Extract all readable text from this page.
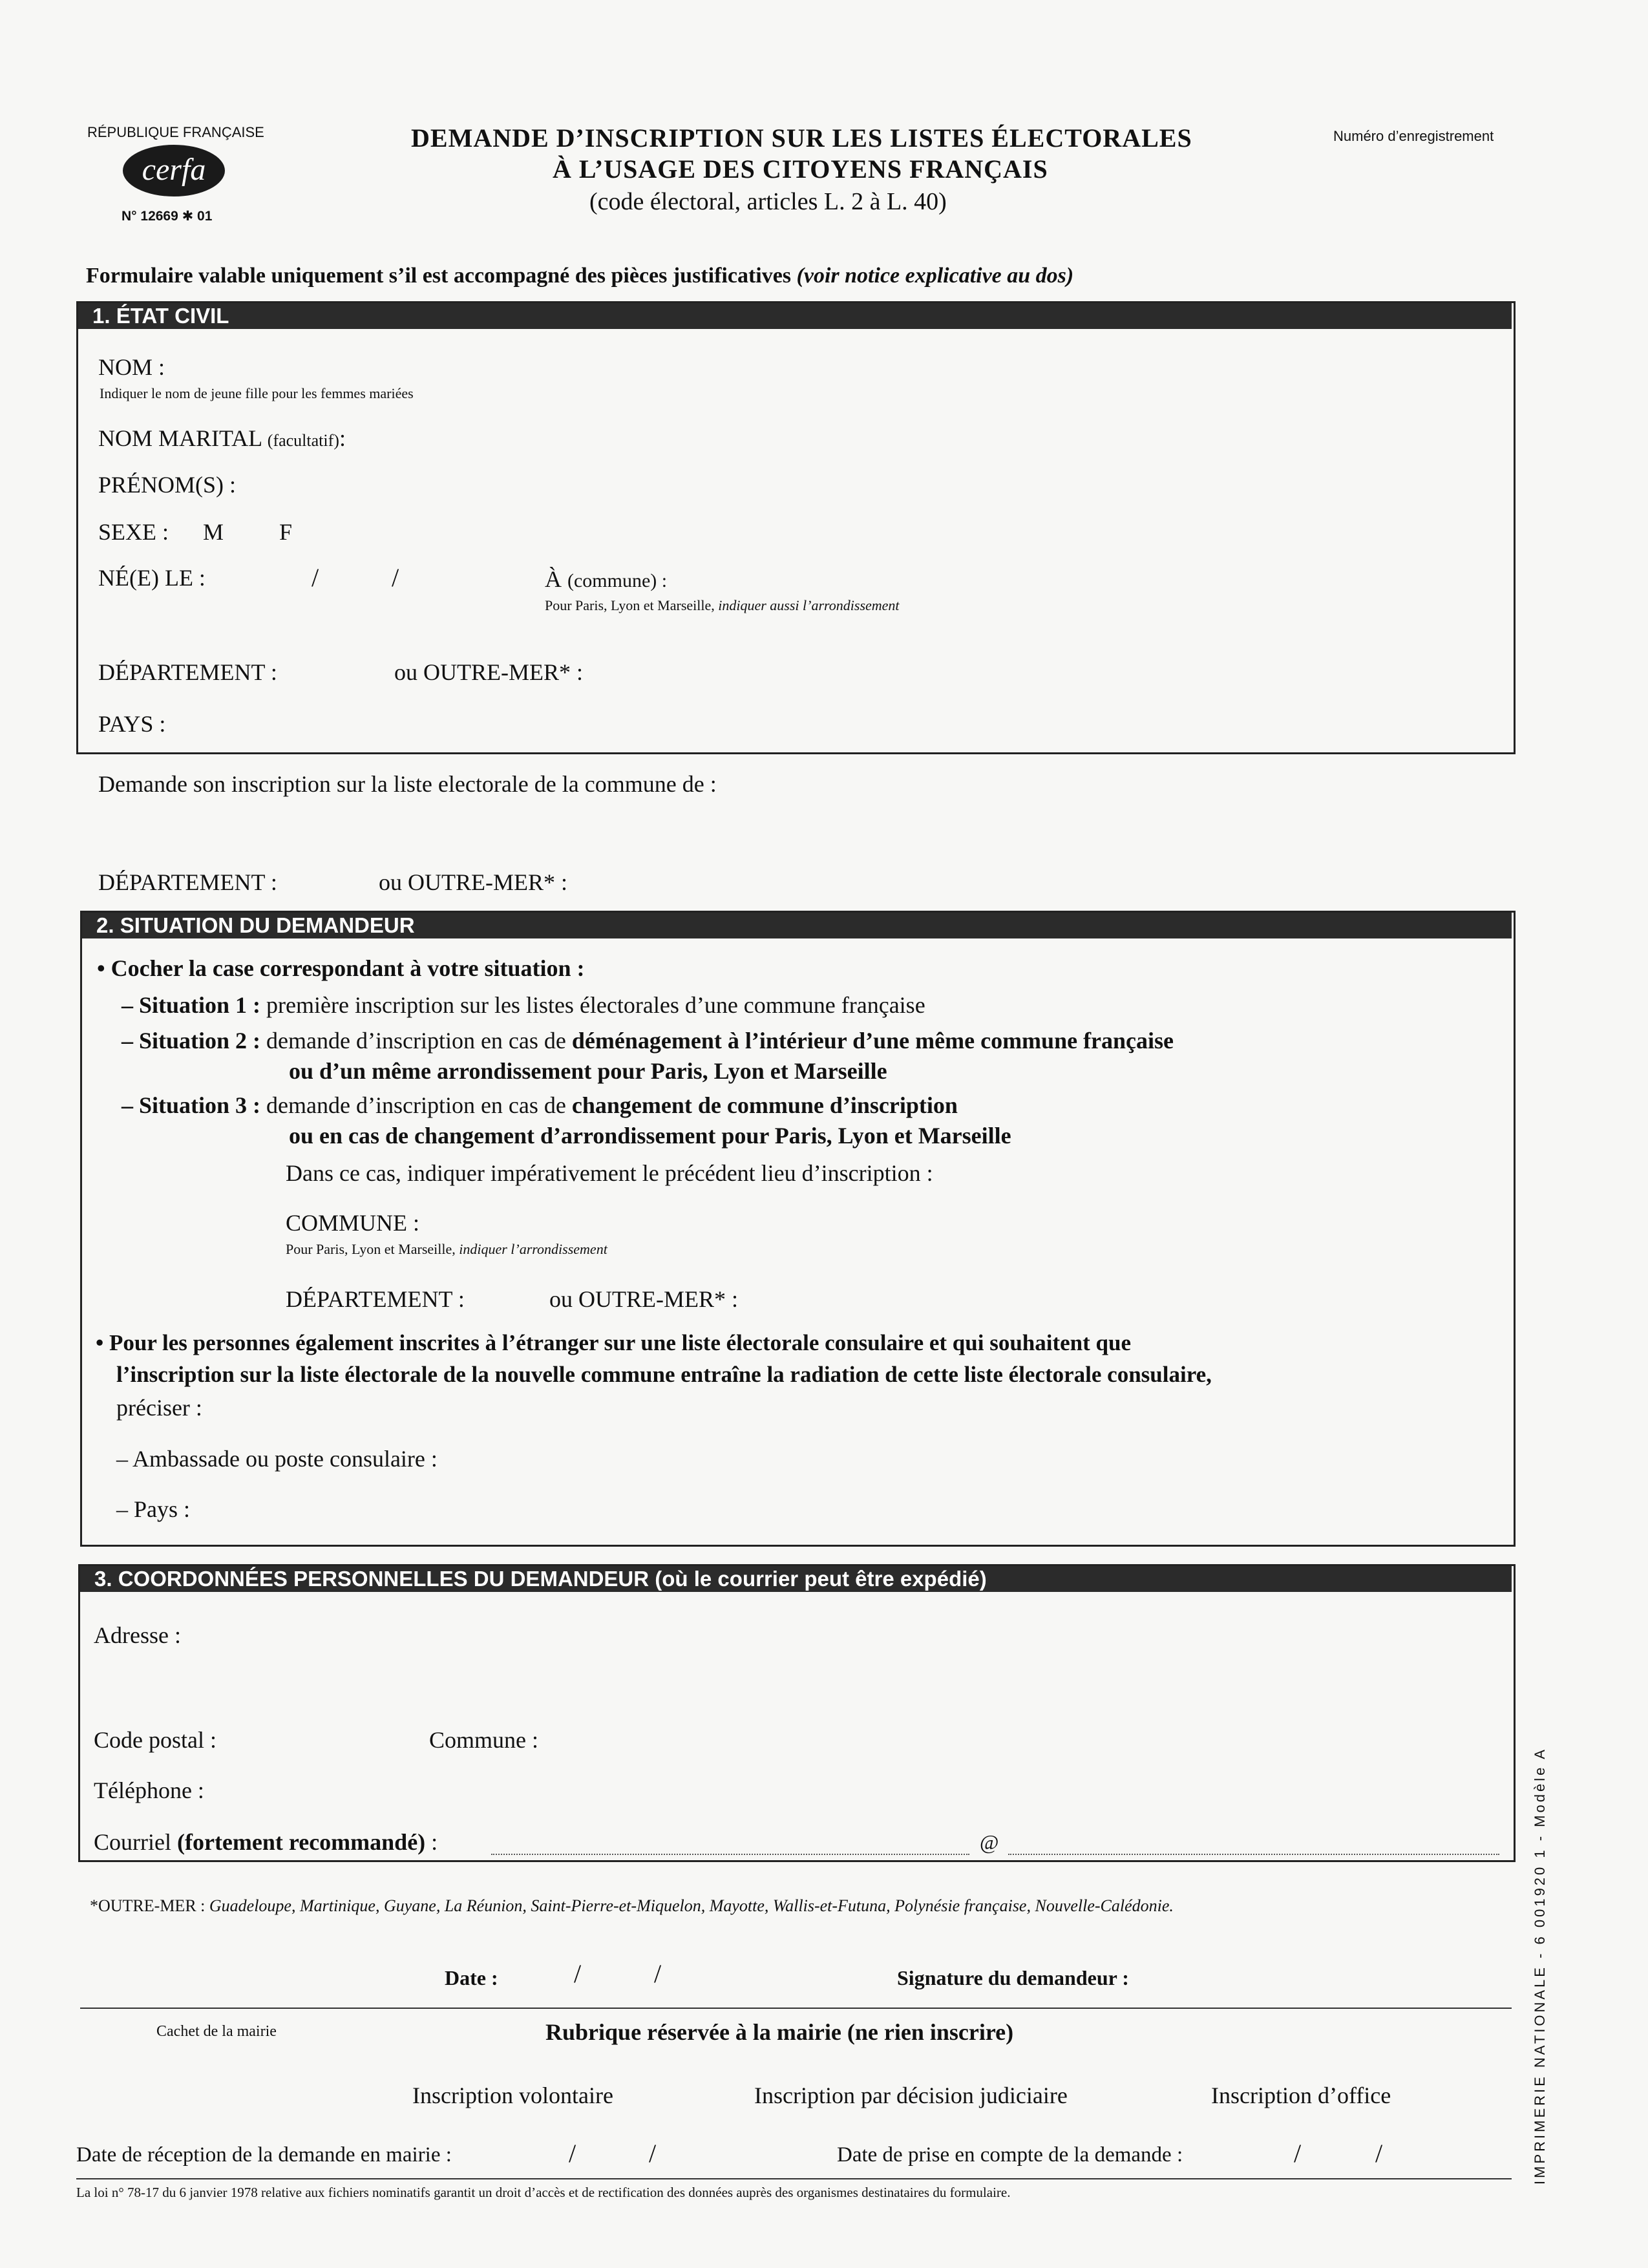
RÉPUBLIQUE FRANÇAISE
cerfa
N° 12669 ✱ 01
DEMANDE D’INSCRIPTION SUR LES LISTES ÉLECTORALES
À L’USAGE DES CITOYENS FRANÇAIS
(code électoral, articles L. 2 à L. 40)
Numéro d’enregistrement
Formulaire valable uniquement s’il est accompagné des pièces justificatives (voir notice explicative au dos)
1. ÉTAT CIVIL
NOM :
Indiquer le nom de jeune fille pour les femmes mariées
NOM MARITAL (facultatif):
PRÉNOM(S) :
SEXE : M F
NÉ(E) LE :	/	/	À (commune) :
Pour Paris, Lyon et Marseille, indiquer aussi l’arrondissement
DÉPARTEMENT :	ou OUTRE-MER* :
PAYS :
Demande son inscription sur la liste electorale de la commune de :
DÉPARTEMENT :	ou OUTRE-MER* :
2. SITUATION DU DEMANDEUR
• Cocher la case correspondant à votre situation :
– Situation 1 : première inscription sur les listes électorales d’une commune française
– Situation 2 : demande d’inscription en cas de déménagement à l’intérieur d’une même commune française
ou d’un même arrondissement pour Paris, Lyon et Marseille
– Situation 3 : demande d’inscription en cas de changement de commune d’inscription
ou en cas de changement d’arrondissement pour Paris, Lyon et Marseille
Dans ce cas, indiquer impérativement le précédent lieu d’inscription :
COMMUNE :
Pour Paris, Lyon et Marseille, indiquer l’arrondissement
DÉPARTEMENT :	ou OUTRE-MER* :
• Pour les personnes également inscrites à l’étranger sur une liste électorale consulaire et qui souhaitent que
l’inscription sur la liste électorale de la nouvelle commune entraîne la radiation de cette liste électorale consulaire,
préciser :
– Ambassade ou poste consulaire :
– Pays :
3. COORDONNÉES PERSONNELLES DU DEMANDEUR (où le courrier peut être expédié)
Adresse :
Code postal :	Commune :
Téléphone :
Courriel (fortement recommandé) :	@
*OUTRE-MER : Guadeloupe, Martinique, Guyane, La Réunion, Saint-Pierre-et-Miquelon, Mayotte, Wallis-et-Futuna, Polynésie française, Nouvelle-Calédonie.
Date :	/	/	Signature du demandeur :
Cachet de la mairie	Rubrique réservée à la mairie (ne rien inscrire)
Inscription volontaire	Inscription par décision judiciaire	Inscription d’office
Date de réception de la demande en mairie :	/	/	Date de prise en compte de la demande :	/	/
La loi n° 78-17 du 6 janvier 1978 relative aux fichiers nominatifs garantit un droit d’accès et de rectification des données auprès des organismes destinataires du formulaire.
IMPRIMERIE NATIONALE - 6 001920 1 - Modèle A
